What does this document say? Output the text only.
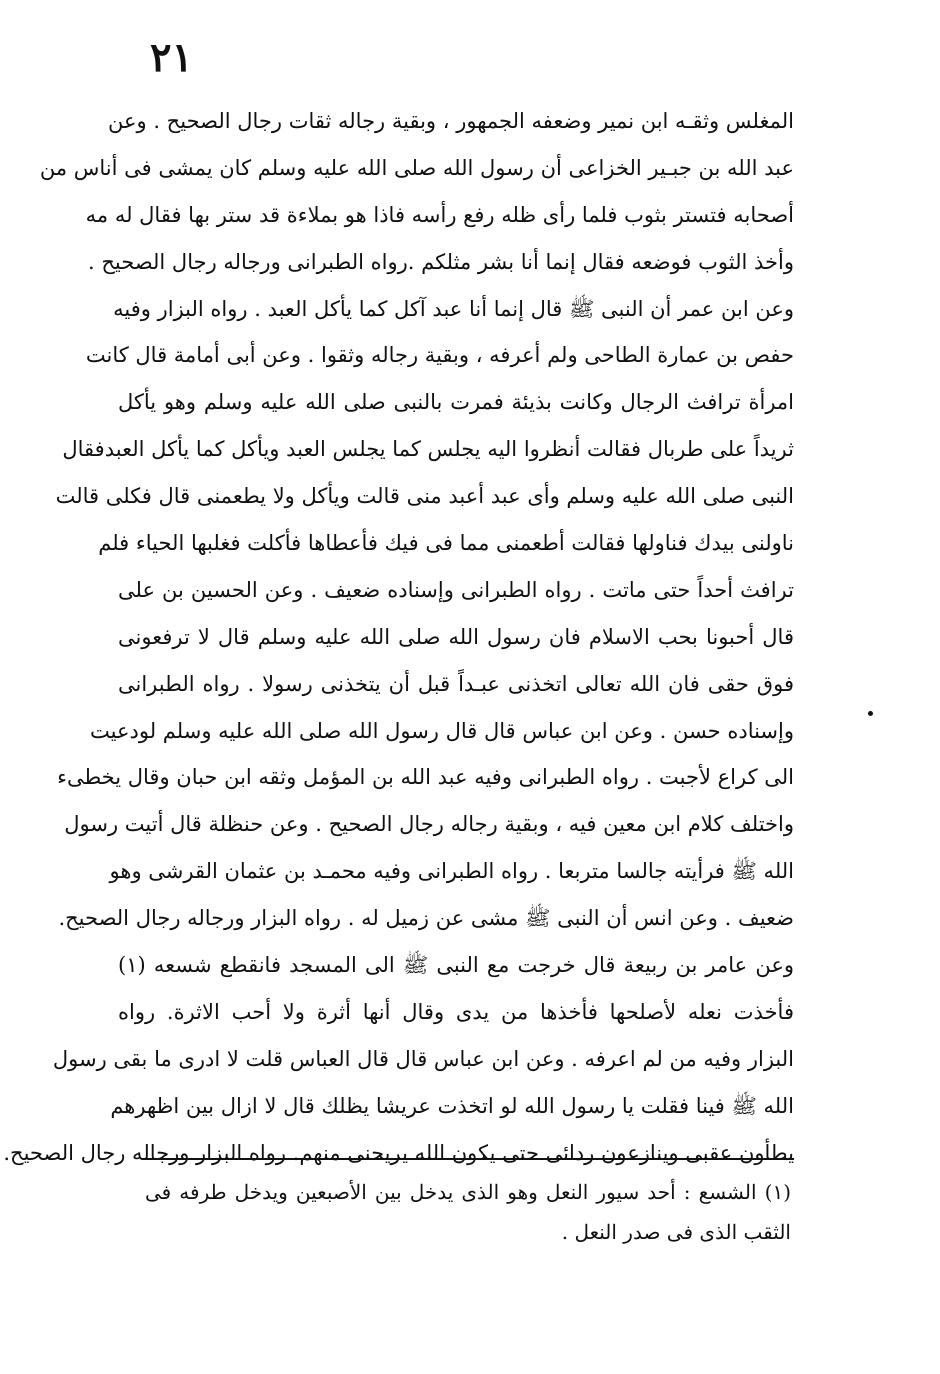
٢١
المغلس وثقـه ابن نمير وضعفه الجمهور ، وبقية رجاله ثقات رجال الصحيح . وعن
عبد الله بن جبـير الخزاعى أن رسول الله صلى الله عليه وسلم كان يمشى فى أناس من
أصحابه فتستر بثوب فلما رأى ظله رفع رأسه فاذا هو بملاءة قد ستر بها فقال له مه
وأخذ الثوب فوضعه فقال إنما أنا بشر مثلكم .رواه الطبرانى ورجاله رجال الصحيح .
وعن ابن عمر أن النبى ﷺ قال إنما أنا عبد آكل كما يأكل العبد . رواه البزار وفيه
حفص بن عمارة الطاحى ولم أعرفه ، وبقية رجاله وثقوا . وعن أبى أمامة قال كانت
امرأة ترافث الرجال وكانت بذيئة فمرت بالنبى صلى الله عليه وسلم وهو يأكل
ثريداً على طربال فقالت أنظروا اليه يجلس كما يجلس العبد ويأكل كما يأكل العبدفقال
النبى صلى الله عليه وسلم وأى عبد أعبد منى قالت ويأكل ولا يطعمنى قال فكلى قالت
ناولنى بيدك فناولها فقالت أطعمنى مما فى فيك فأعطاها فأكلت فغلبها الحياء فلم
ترافث أحداً حتى ماتت . رواه الطبرانى وإسناده ضعيف . وعن الحسين بن على
قال أحبونا بحب الاسلام فان رسول الله صلى الله عليه وسلم قال لا ترفعونى
فوق حقى فان الله تعالى اتخذنى عبـداً قبل أن يتخذنى رسولا . رواه الطبرانى
وإسناده حسن . وعن ابن عباس قال قال رسول الله صلى الله عليه وسلم لودعيت
الى كراع لأجبت . رواه الطبرانى وفيه عبد الله بن المؤمل وثقه ابن حبان وقال يخطىء
واختلف كلام ابن معين فيه ، وبقية رجاله رجال الصحيح . وعن حنظلة قال أتيت رسول
الله ﷺ فرأيته جالسا متربعا . رواه الطبرانى وفيه محمـد بن عثمان القرشى وهو
ضعيف . وعن انس أن النبى ﷺ مشى عن زميل له . رواه البزار ورجاله رجال الصحيح.
وعن عامر بن ربيعة قال خرجت مع النبى ﷺ الى المسجد فانقطع شسعه (١)
فأخذت نعله لأصلحها فأخذها من يدى وقال أنها أثرة ولا أحب الاثرة. رواه
البزار وفيه من لم اعرفه . وعن ابن عباس قال قال العباس قلت لا ادرى ما بقى رسول
الله ﷺ فينا فقلت يا رسول الله لو اتخذت عريشا يظلك قال لا ازال بين اظهرهم
يطأون عقبى وينازعون ردائى حتى يكون الله يريحنى منهم. رواه البزار ورجاله رجال الصحيح.
(١) الشسع : أحد سيور النعل وهو الذى يدخل بين الأصبعين ويدخل طرفه فى
الثقب الذى فى صدر النعل .
